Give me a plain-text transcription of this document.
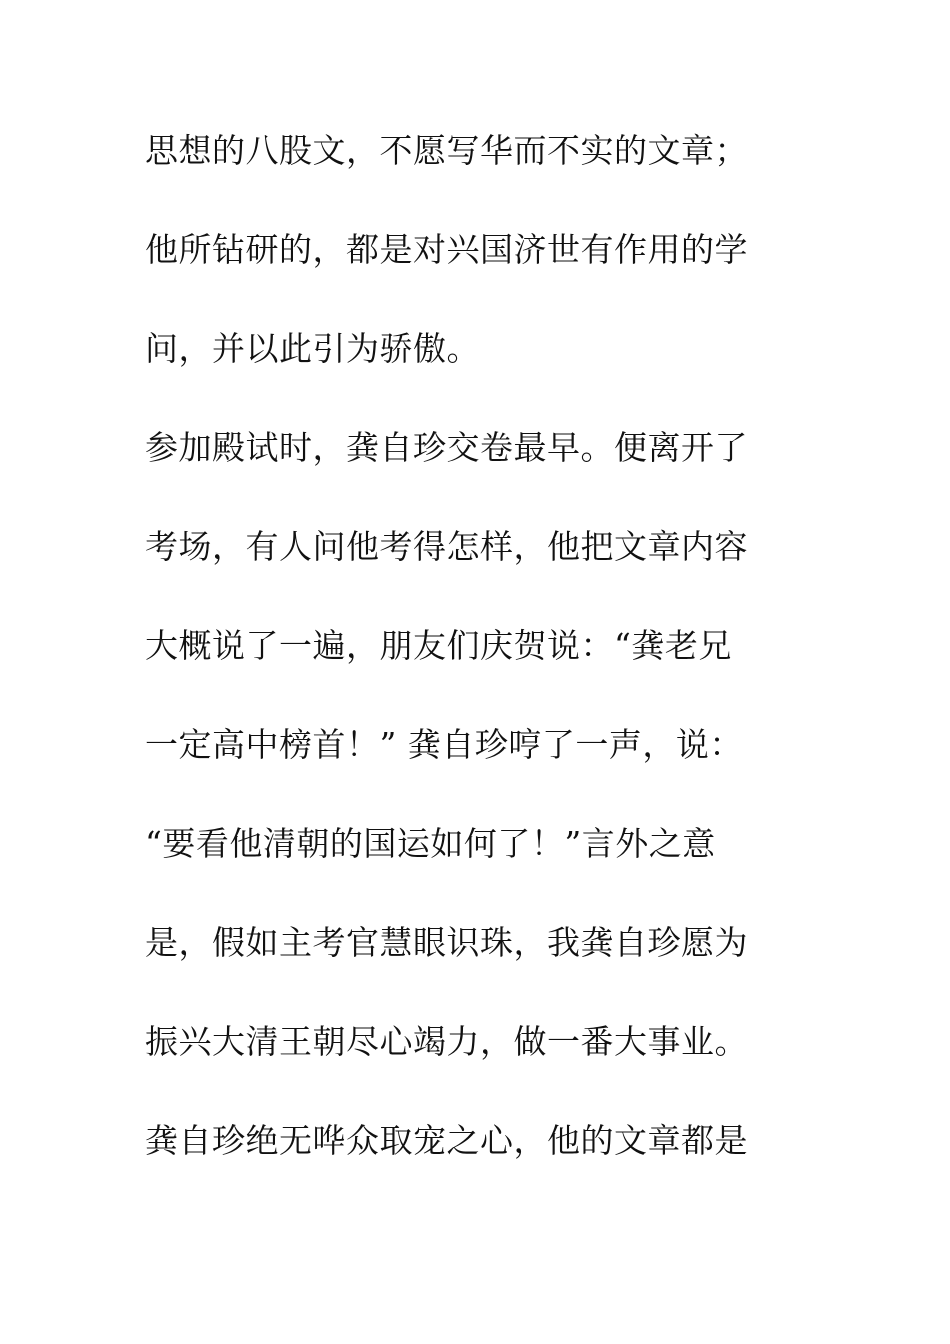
思想的八股文，不愿写华而不实的文章；
他所钻研的，都是对兴国济世有作用的学
问，并以此引为骄傲。
参加殿试时，龚自珍交卷最早。便离开了
考场，有人问他考得怎样，他把文章内容
大概说了一遍，朋友们庆贺说：“龚老兄
一定高中榜首！” 龚自珍哼了一声，说：
“要看他清朝的国运如何了！”言外之意
是，假如主考官慧眼识珠，我龚自珍愿为
振兴大清王朝尽心竭力，做一番大事业。
龚自珍绝无哗众取宠之心，他的文章都是
